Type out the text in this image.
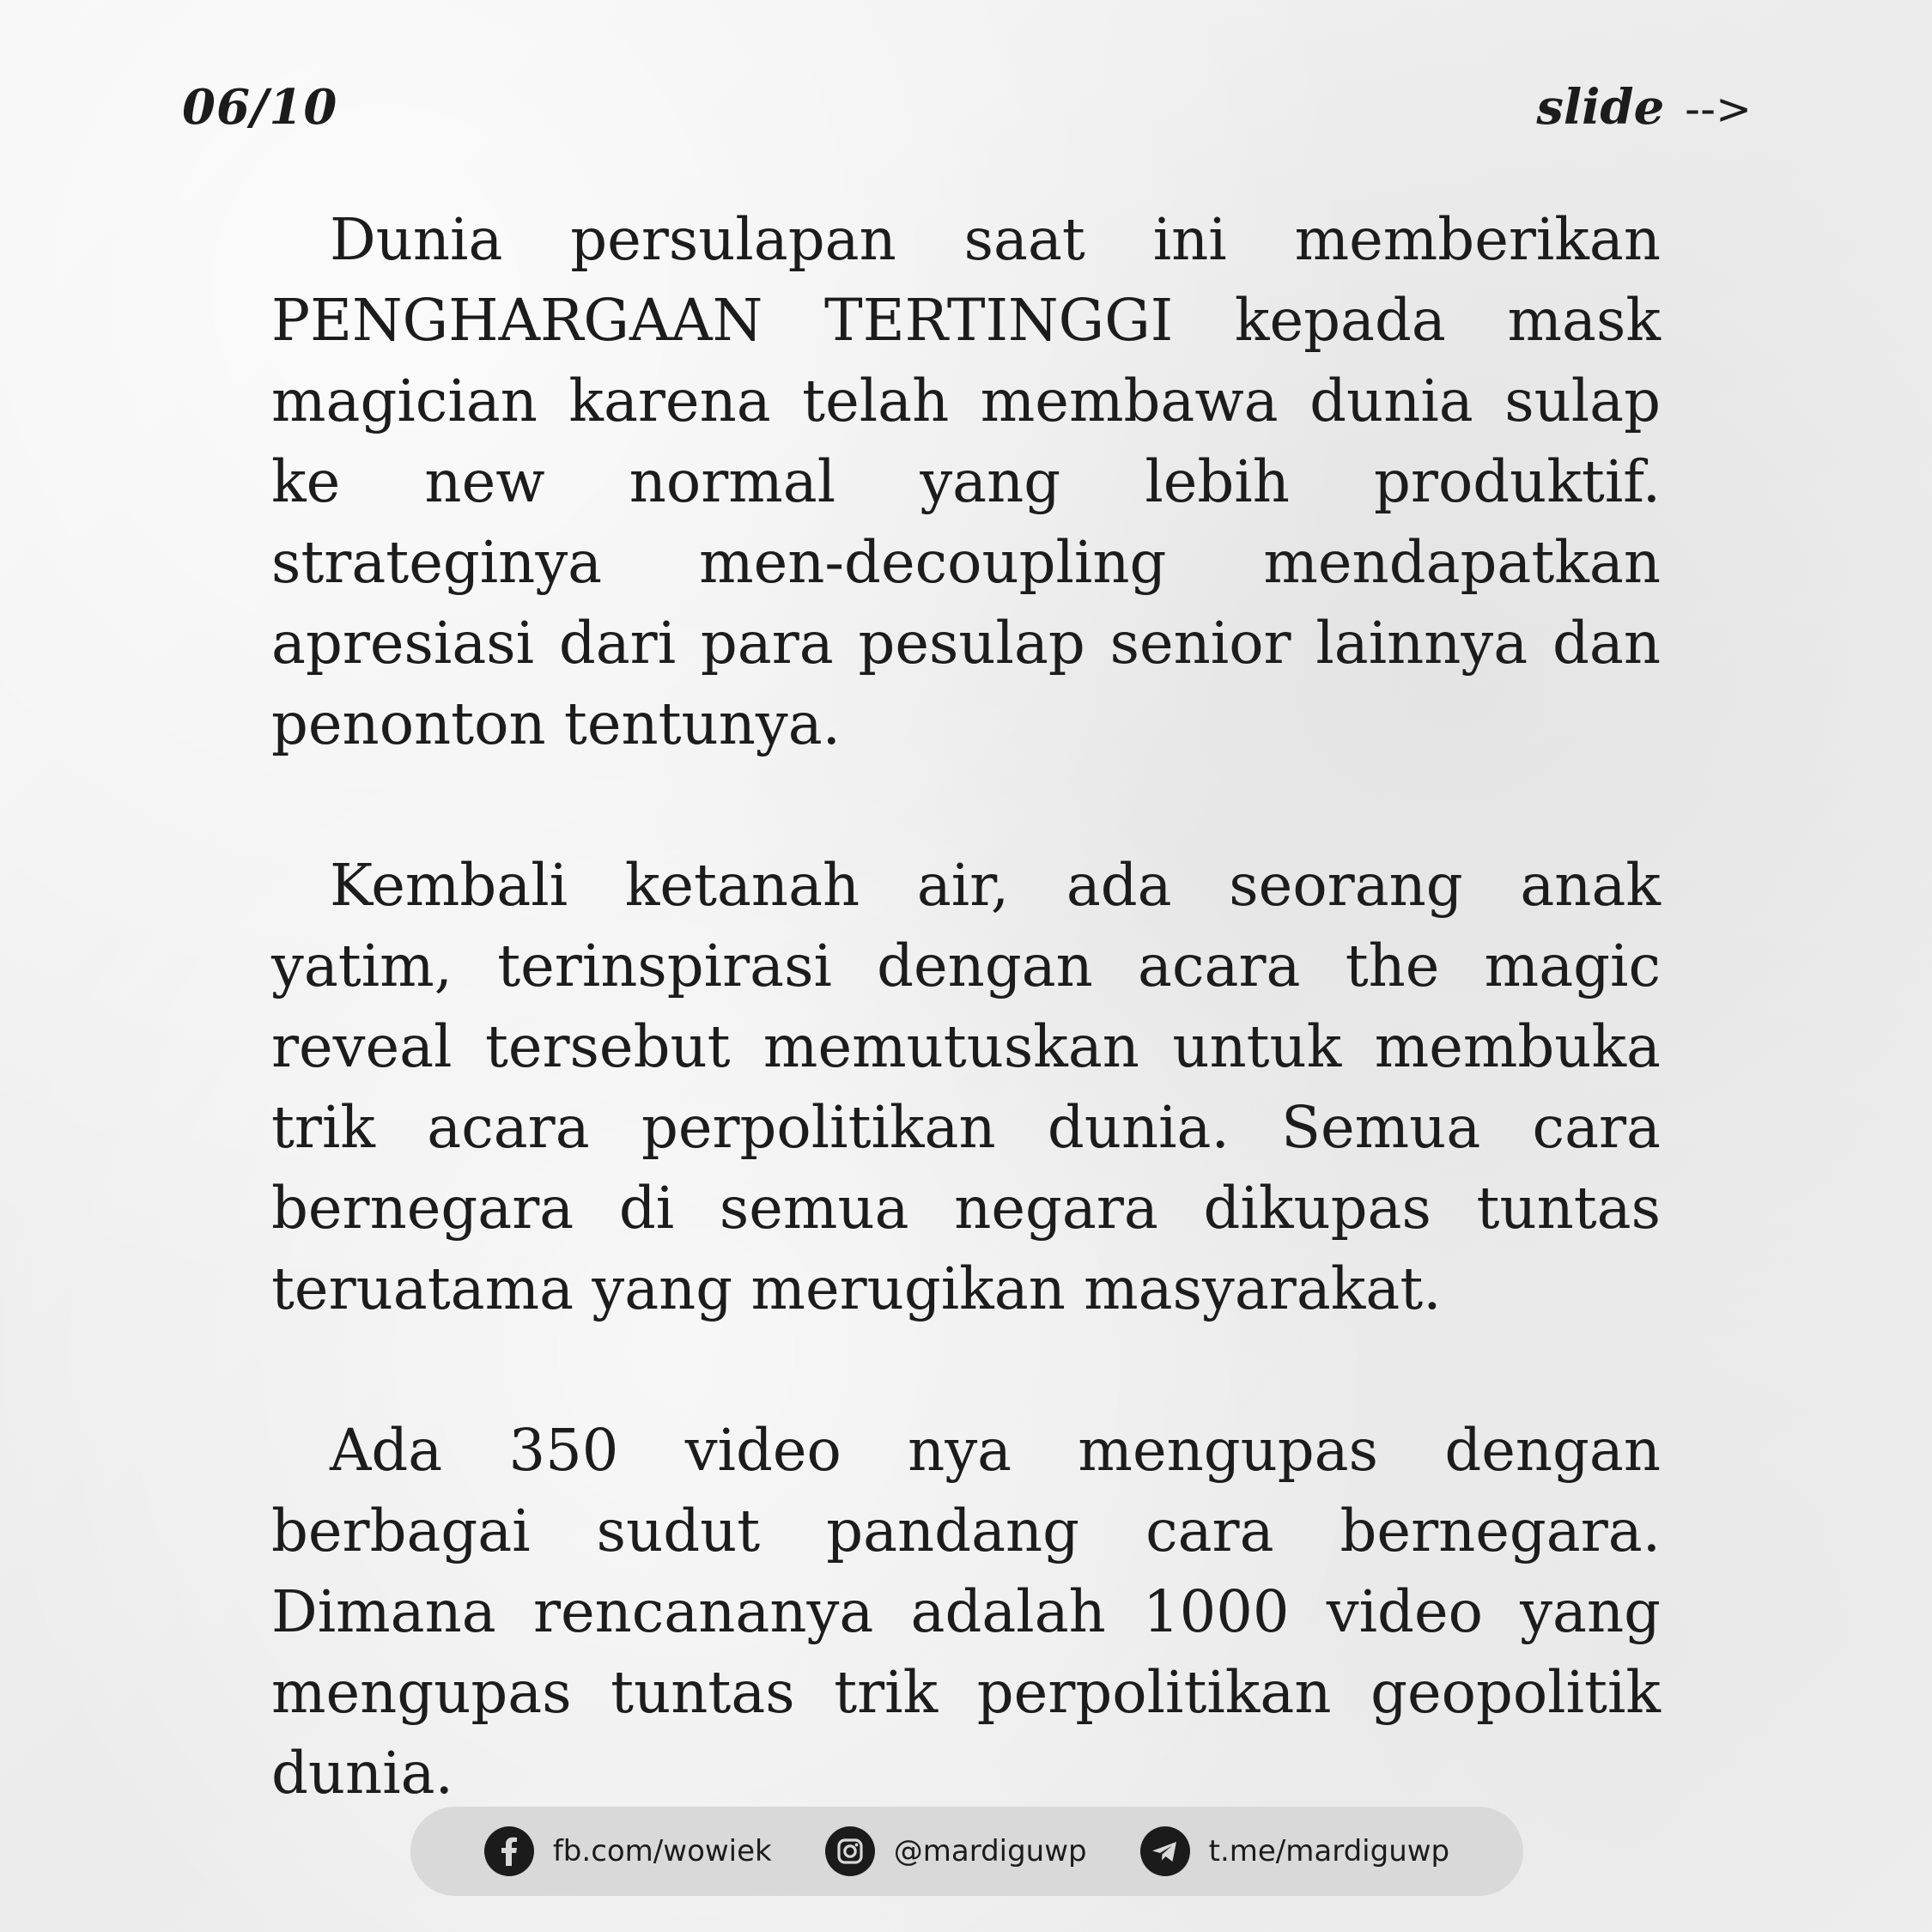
06/10	slide -->

Dunia persulapan saat ini memberikan PENGHARGAAN TERTINGGI kepada mask magician karena telah membawa dunia sulap ke new normal yang lebih produktif. strateginya men-decoupling mendapatkan apresiasi dari para pesulap senior lainnya dan penonton tentunya.

Kembali ketanah air, ada seorang anak yatim, terinspirasi dengan acara the magic reveal tersebut memutuskan untuk membuka trik acara perpolitikan dunia. Semua cara bernegara di semua negara dikupas tuntas teruatama yang merugikan masyarakat.

Ada 350 video nya mengupas dengan berbagai sudut pandang cara bernegara. Dimana rencananya adalah 1000 video yang mengupas tuntas trik perpolitikan geopolitik dunia.

fb.com/wowiek	@mardiguwp	t.me/mardiguwp
